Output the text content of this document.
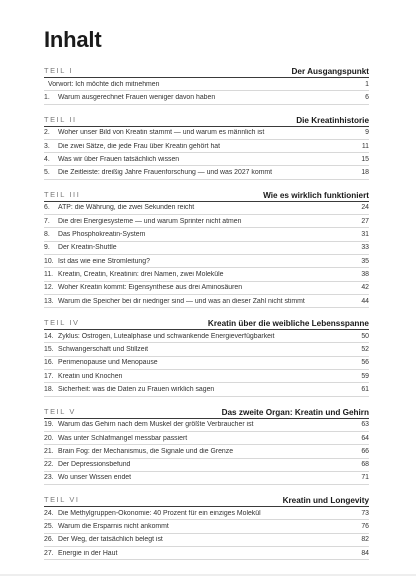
Inhalt
TEIL I	Der Ausgangspunkt
Vorwort: Ich möchte dich mitnehmen	1
1.	Warum ausgerechnet Frauen weniger davon haben	6
TEIL II	Die Kreatinhistorie
2.	Woher unser Bild von Kreatin stammt — und warum es männlich ist	9
3.	Die zwei Sätze, die jede Frau über Kreatin gehört hat	11
4.	Was wir über Frauen tatsächlich wissen	15
5.	Die Zeitleiste: dreißig Jahre Frauenforschung — und was 2027 kommt	18
TEIL III	Wie es wirklich funktioniert
6.	ATP: die Währung, die zwei Sekunden reicht	24
7.	Die drei Energiesysteme — und warum Sprinter nicht atmen	27
8.	Das Phosphokreatin-System	31
9.	Der Kreatin-Shuttle	33
10. Ist das wie eine Stromleitung?	35
11. Kreatin, Creatin, Kreatinin: drei Namen, zwei Moleküle	38
12. Woher Kreatin kommt: Eigensynthese aus drei Aminosäuren	42
13. Warum die Speicher bei dir niedriger sind — und was an dieser Zahl nicht stimmt	44
TEIL IV	Kreatin über die weibliche Lebensspanne
14. Zyklus: Östrogen, Lutealphase und schwankende Energieverfügbarkeit	50
15. Schwangerschaft und Stillzeit	52
16. Perimenopause und Menopause	56
17. Kreatin und Knochen	59
18. Sicherheit: was die Daten zu Frauen wirklich sagen	61
TEIL V	Das zweite Organ: Kreatin und Gehirn
19. Warum das Gehirn nach dem Muskel der größte Verbraucher ist	63
20. Was unter Schlafmangel messbar passiert	64
21. Brain Fog: der Mechanismus, die Signale und die Grenze	66
22. Der Depressionsbefund	68
23. Wo unser Wissen endet	71
TEIL VI	Kreatin und Longevity
24. Die Methylgruppen-Ökonomie: 40 Prozent für ein einziges Molekül	73
25. Warum die Ersparnis nicht ankommt	76
26. Der Weg, der tatsächlich belegt ist	82
27. Energie in der Haut	84
